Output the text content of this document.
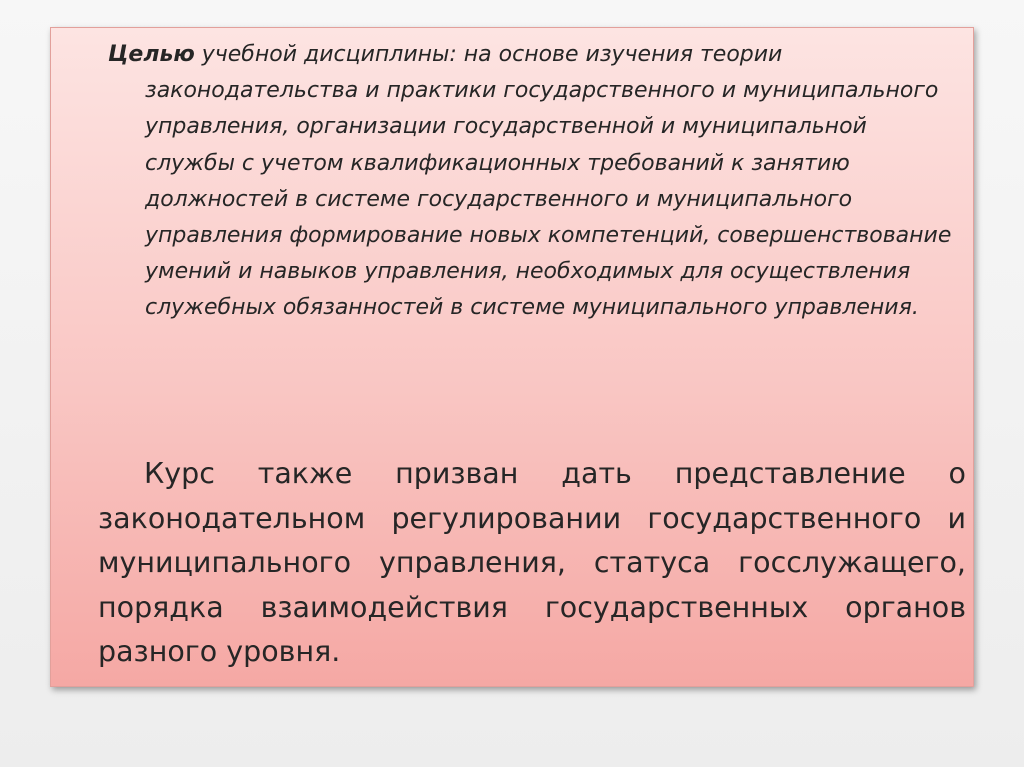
Целью учебной дисциплины: на основе изучения теории законодательства и практики государственного и муниципального управления, организации государственной и муниципальной службы с учетом квалификационных требований к занятию должностей в системе государственного и муниципального управления формирование новых компетенций, совершенствование умений и навыков управления, необходимых для осуществления служебных обязанностей в системе муниципального управления.

Курс также призван дать представление о законодательном регулировании государственного и муниципального управления, статуса госслужащего, порядка взаимодействия государственных органов разного уровня.
